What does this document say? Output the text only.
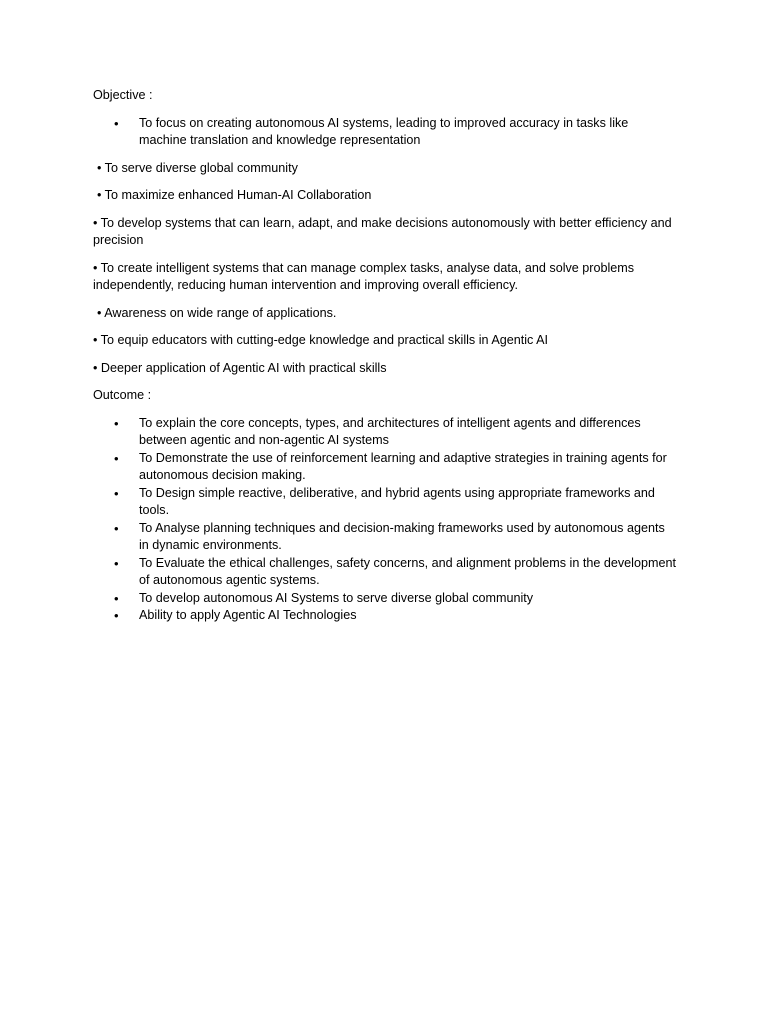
Objective :

• To focus on creating autonomous AI systems, leading to improved accuracy in tasks like machine translation and knowledge representation

• To serve diverse global community

• To maximize enhanced Human-AI Collaboration

• To develop systems that can learn, adapt, and make decisions autonomously with better efficiency and precision

• To create intelligent systems that can manage complex tasks, analyse data, and solve problems independently, reducing human intervention and improving overall efficiency.

• Awareness on wide range of applications.

• To equip educators with cutting-edge knowledge and practical skills in Agentic AI

• Deeper application of Agentic AI with practical skills

Outcome :

• To explain the core concepts, types, and architectures of intelligent agents and differences between agentic and non-agentic AI systems
• To Demonstrate the use of reinforcement learning and adaptive strategies in training agents for autonomous decision making.
• To Design simple reactive, deliberative, and hybrid agents using appropriate frameworks and tools.
• To Analyse planning techniques and decision-making frameworks used by autonomous agents in dynamic environments.
• To Evaluate the ethical challenges, safety concerns, and alignment problems in the development of autonomous agentic systems.
• To develop autonomous AI Systems to serve diverse global community
• Ability to apply Agentic AI Technologies
